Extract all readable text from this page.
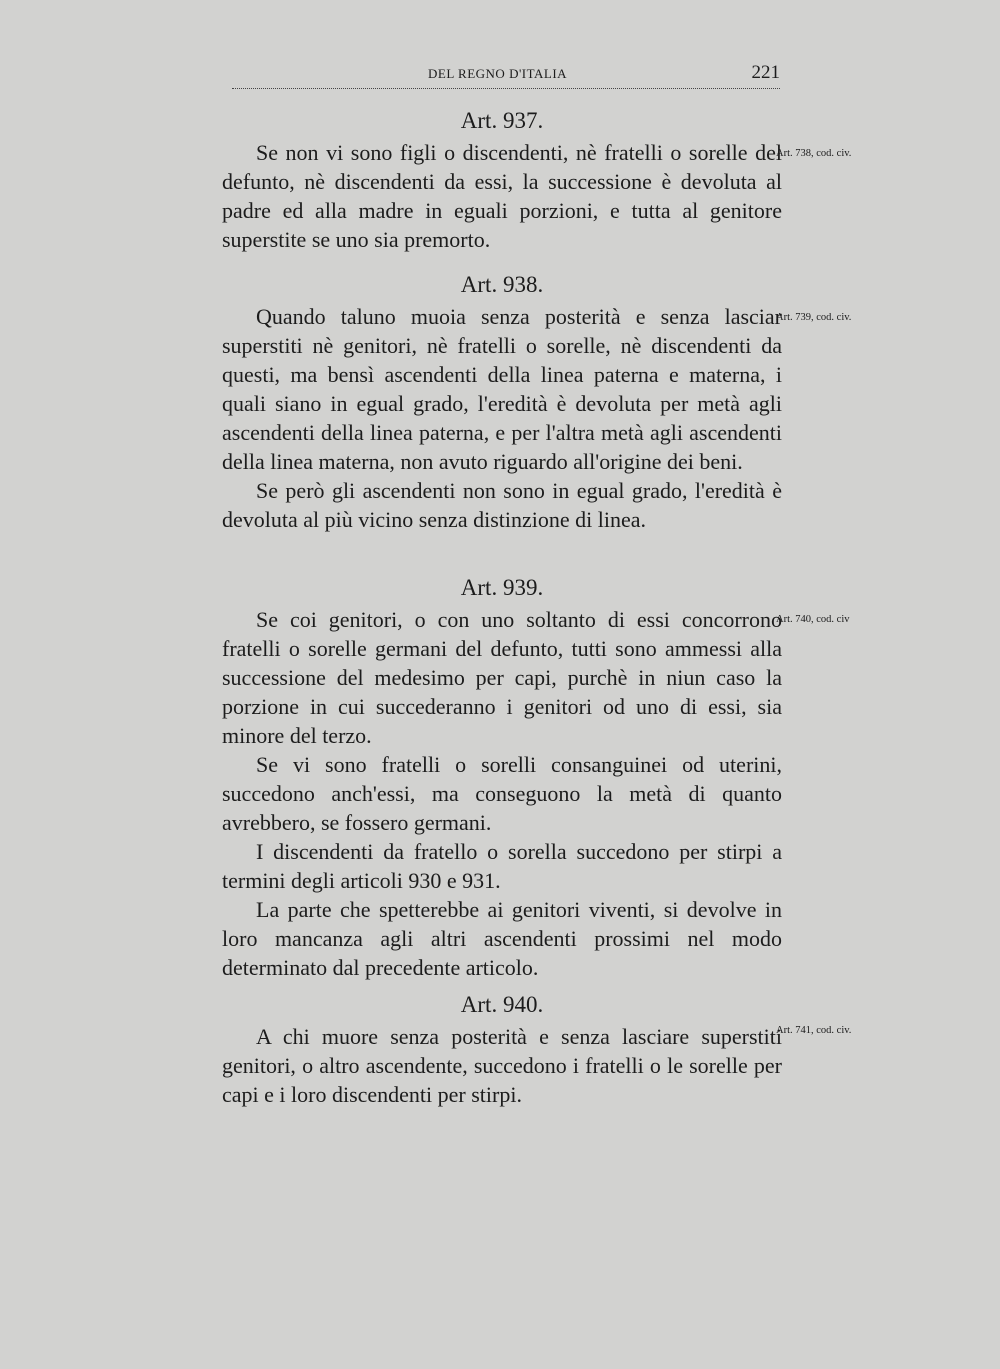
DEL REGNO D'ITALIA	221
Art. 937.

Se non vi sono figli o discendenti, nè fratelli o sorelle del defunto, nè discendenti da essi, la successione è devoluta al padre ed alla madre in eguali porzioni, e tutta al genitore superstite se uno sia premorto.

Art. 738, cod. civ.
Art. 938.

Quando taluno muoia senza posterità e senza lasciar superstiti nè genitori, nè fratelli o sorelle, nè discendenti da questi, ma bensì ascendenti della linea paterna e materna, i quali siano in egual grado, l'eredità è devoluta per metà agli ascendenti della linea paterna, e per l'altra metà agli ascendenti della linea materna, non avuto riguardo all'origine dei beni.

Se però gli ascendenti non sono in egual grado, l'eredità è devoluta al più vicino senza distinzione di linea.

Art. 739, cod. civ.
Art. 939.

Se coi genitori, o con uno soltanto di essi concorrono fratelli o sorelle germani del defunto, tutti sono ammessi alla successione del medesimo per capi, purchè in niun caso la porzione in cui succederanno i genitori od uno di essi, sia minore del terzo.

Se vi sono fratelli o sorelli consanguinei od uterini, succedono anch'essi, ma conseguono la metà di quanto avrebbero, se fossero germani.

I discendenti da fratello o sorella succedono per stirpi a termini degli articoli 930 e 931.

La parte che spetterebbe ai genitori viventi, si devolve in loro mancanza agli altri ascendenti prossimi nel modo determinato dal precedente articolo.

Art. 740, cod. civ
Art. 940.

A chi muore senza posterità e senza lasciare superstiti genitori, o altro ascendente, succedono i fratelli o le sorelle per capi e i loro discendenti per stirpi.

Art. 741, cod. civ.
